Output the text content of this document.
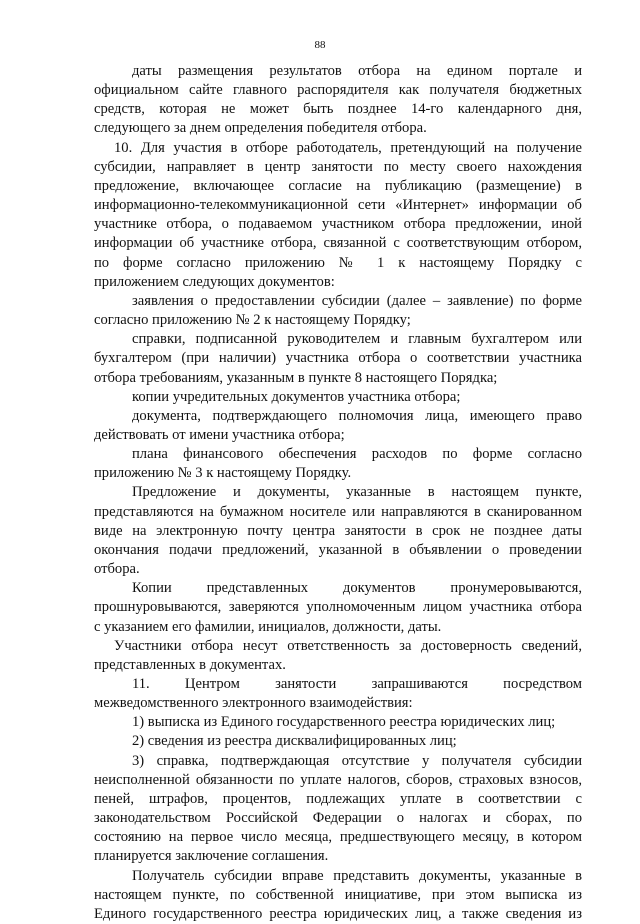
88
даты размещения результатов отбора на едином портале и
официальном сайте главного распорядителя как получателя бюджетных
средств, которая не может быть позднее 14-го календарного дня,
следующего за днем определения победителя отбора.
10. Для участия в отборе работодатель, претендующий на получение
субсидии, направляет в центр занятости по месту своего нахождения
предложение, включающее согласие на публикацию (размещение) в
информационно-телекоммуникационной сети «Интернет» информации об
участнике отбора, о подаваемом участником отбора предложении, иной
информации об участнике отбора, связанной с соответствующим отбором,
по форме согласно приложению № 1 к настоящему Порядку с
приложением следующих документов:
заявления о предоставлении субсидии (далее – заявление) по форме
согласно приложению № 2 к настоящему Порядку;
справки, подписанной руководителем и главным бухгалтером или
бухгалтером (при наличии) участника отбора о соответствии участника
отбора требованиям, указанным в пункте 8 настоящего Порядка;
копии учредительных документов участника отбора;
документа, подтверждающего полномочия лица, имеющего право
действовать от имени участника отбора;
плана финансового обеспечения расходов по форме согласно
приложению № 3 к настоящему Порядку.
Предложение и документы, указанные в настоящем пункте,
представляются на бумажном носителе или направляются в сканированном
виде на электронную почту центра занятости в срок не позднее даты
окончания подачи предложений, указанной в объявлении о проведении
отбора.
Копии представленных документов пронумеровываются,
прошнуровываются, заверяются уполномоченным лицом участника отбора
с указанием его фамилии, инициалов, должности, даты.
Участники отбора несут ответственность за достоверность сведений,
представленных в документах.
11. Центром занятости запрашиваются посредством
межведомственного электронного взаимодействия:
1) выписка из Единого государственного реестра юридических лиц;
2) сведения из реестра дисквалифицированных лиц;
3) справка, подтверждающая отсутствие у получателя субсидии
неисполненной обязанности по уплате налогов, сборов, страховых взносов,
пеней, штрафов, процентов, подлежащих уплате в соответствии с
законодательством Российской Федерации о налогах и сборах, по
состоянию на первое число месяца, предшествующего месяцу, в котором
планируется заключение соглашения.
Получатель субсидии вправе представить документы, указанные в
настоящем пункте, по собственной инициативе, при этом выписка из
Единого государственного реестра юридических лиц, а также сведения из
